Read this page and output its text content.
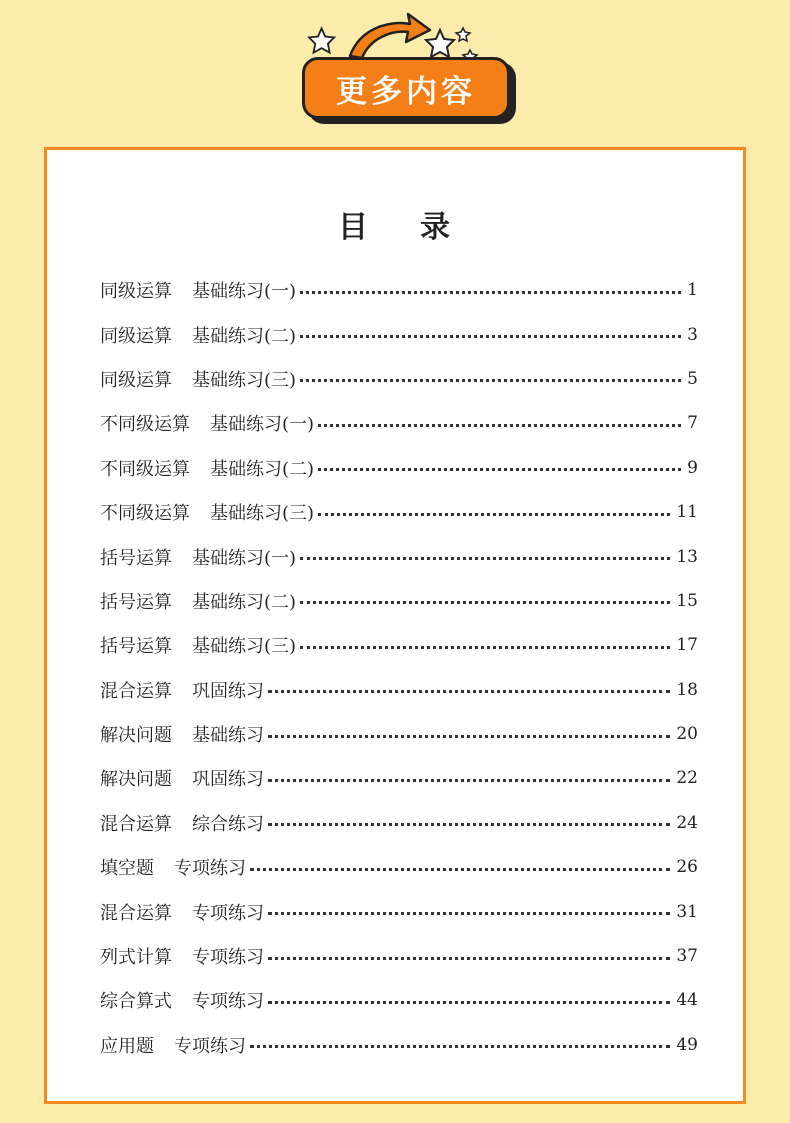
更多内容
目 录
同级运算 基础练习(一)	1
同级运算 基础练习(二)	3
同级运算 基础练习(三)	5
不同级运算 基础练习(一)	7
不同级运算 基础练习(二)	9
不同级运算 基础练习(三)	11
括号运算 基础练习(一)	13
括号运算 基础练习(二)	15
括号运算 基础练习(三)	17
混合运算 巩固练习	18
解决问题 基础练习	20
解决问题 巩固练习	22
混合运算 综合练习	24
填空题 专项练习	26
混合运算 专项练习	31
列式计算 专项练习	37
综合算式 专项练习	44
应用题 专项练习	49
